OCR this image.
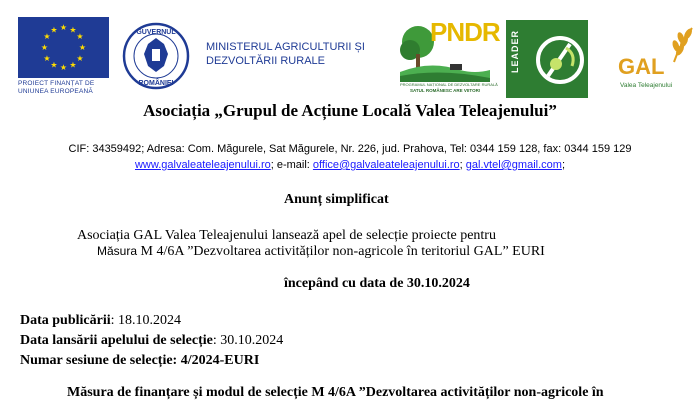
★ ★
★
★
★
★
★
★
★
★
★
★
PROIECT FINANȚAT DE
UNIUNEA EUROPEANĂ
GUVERNUL
ROMÂNIEI
MINISTERUL AGRICULTURII ȘI
DEZVOLTĂRII RURALE
PNDR
PROGRAMUL NAȚIONAL DE DEZVOLTARE RURALĂ
SATUL ROMÂNESC ARE VIITOR!
LEADER	GAL
Valea Teleajenului
Asociația „Grupul de Acțiune Locală Valea Teleajenului”
CIF: 34359492; Adresa: Com. Măgurele, Sat Măgurele, Nr. 226, jud. Prahova, Tel: 0344 159 128, fax: 0344 159 129
www.galvaleateleajenului.ro; e-mail: office@galvaleateleajenului.ro; gal.vtel@gmail.com;
Anunț simplificat
Asociația GAL Valea Teleajenului lansează apel de selecție proiecte pentru
Măsura M 4/6A ”Dezvoltarea activităților non-agricole în teritoriul GAL” EURI
începând cu data de 30.10.2024
Data publicării: 18.10.2024
Data lansării apelului de selecție: 30.10.2024
Numar sesiune de selecție: 4/2024-EURI
Măsura de finanțare și modul de selecție M 4/6A ”Dezvoltarea activităților non-agricole în
